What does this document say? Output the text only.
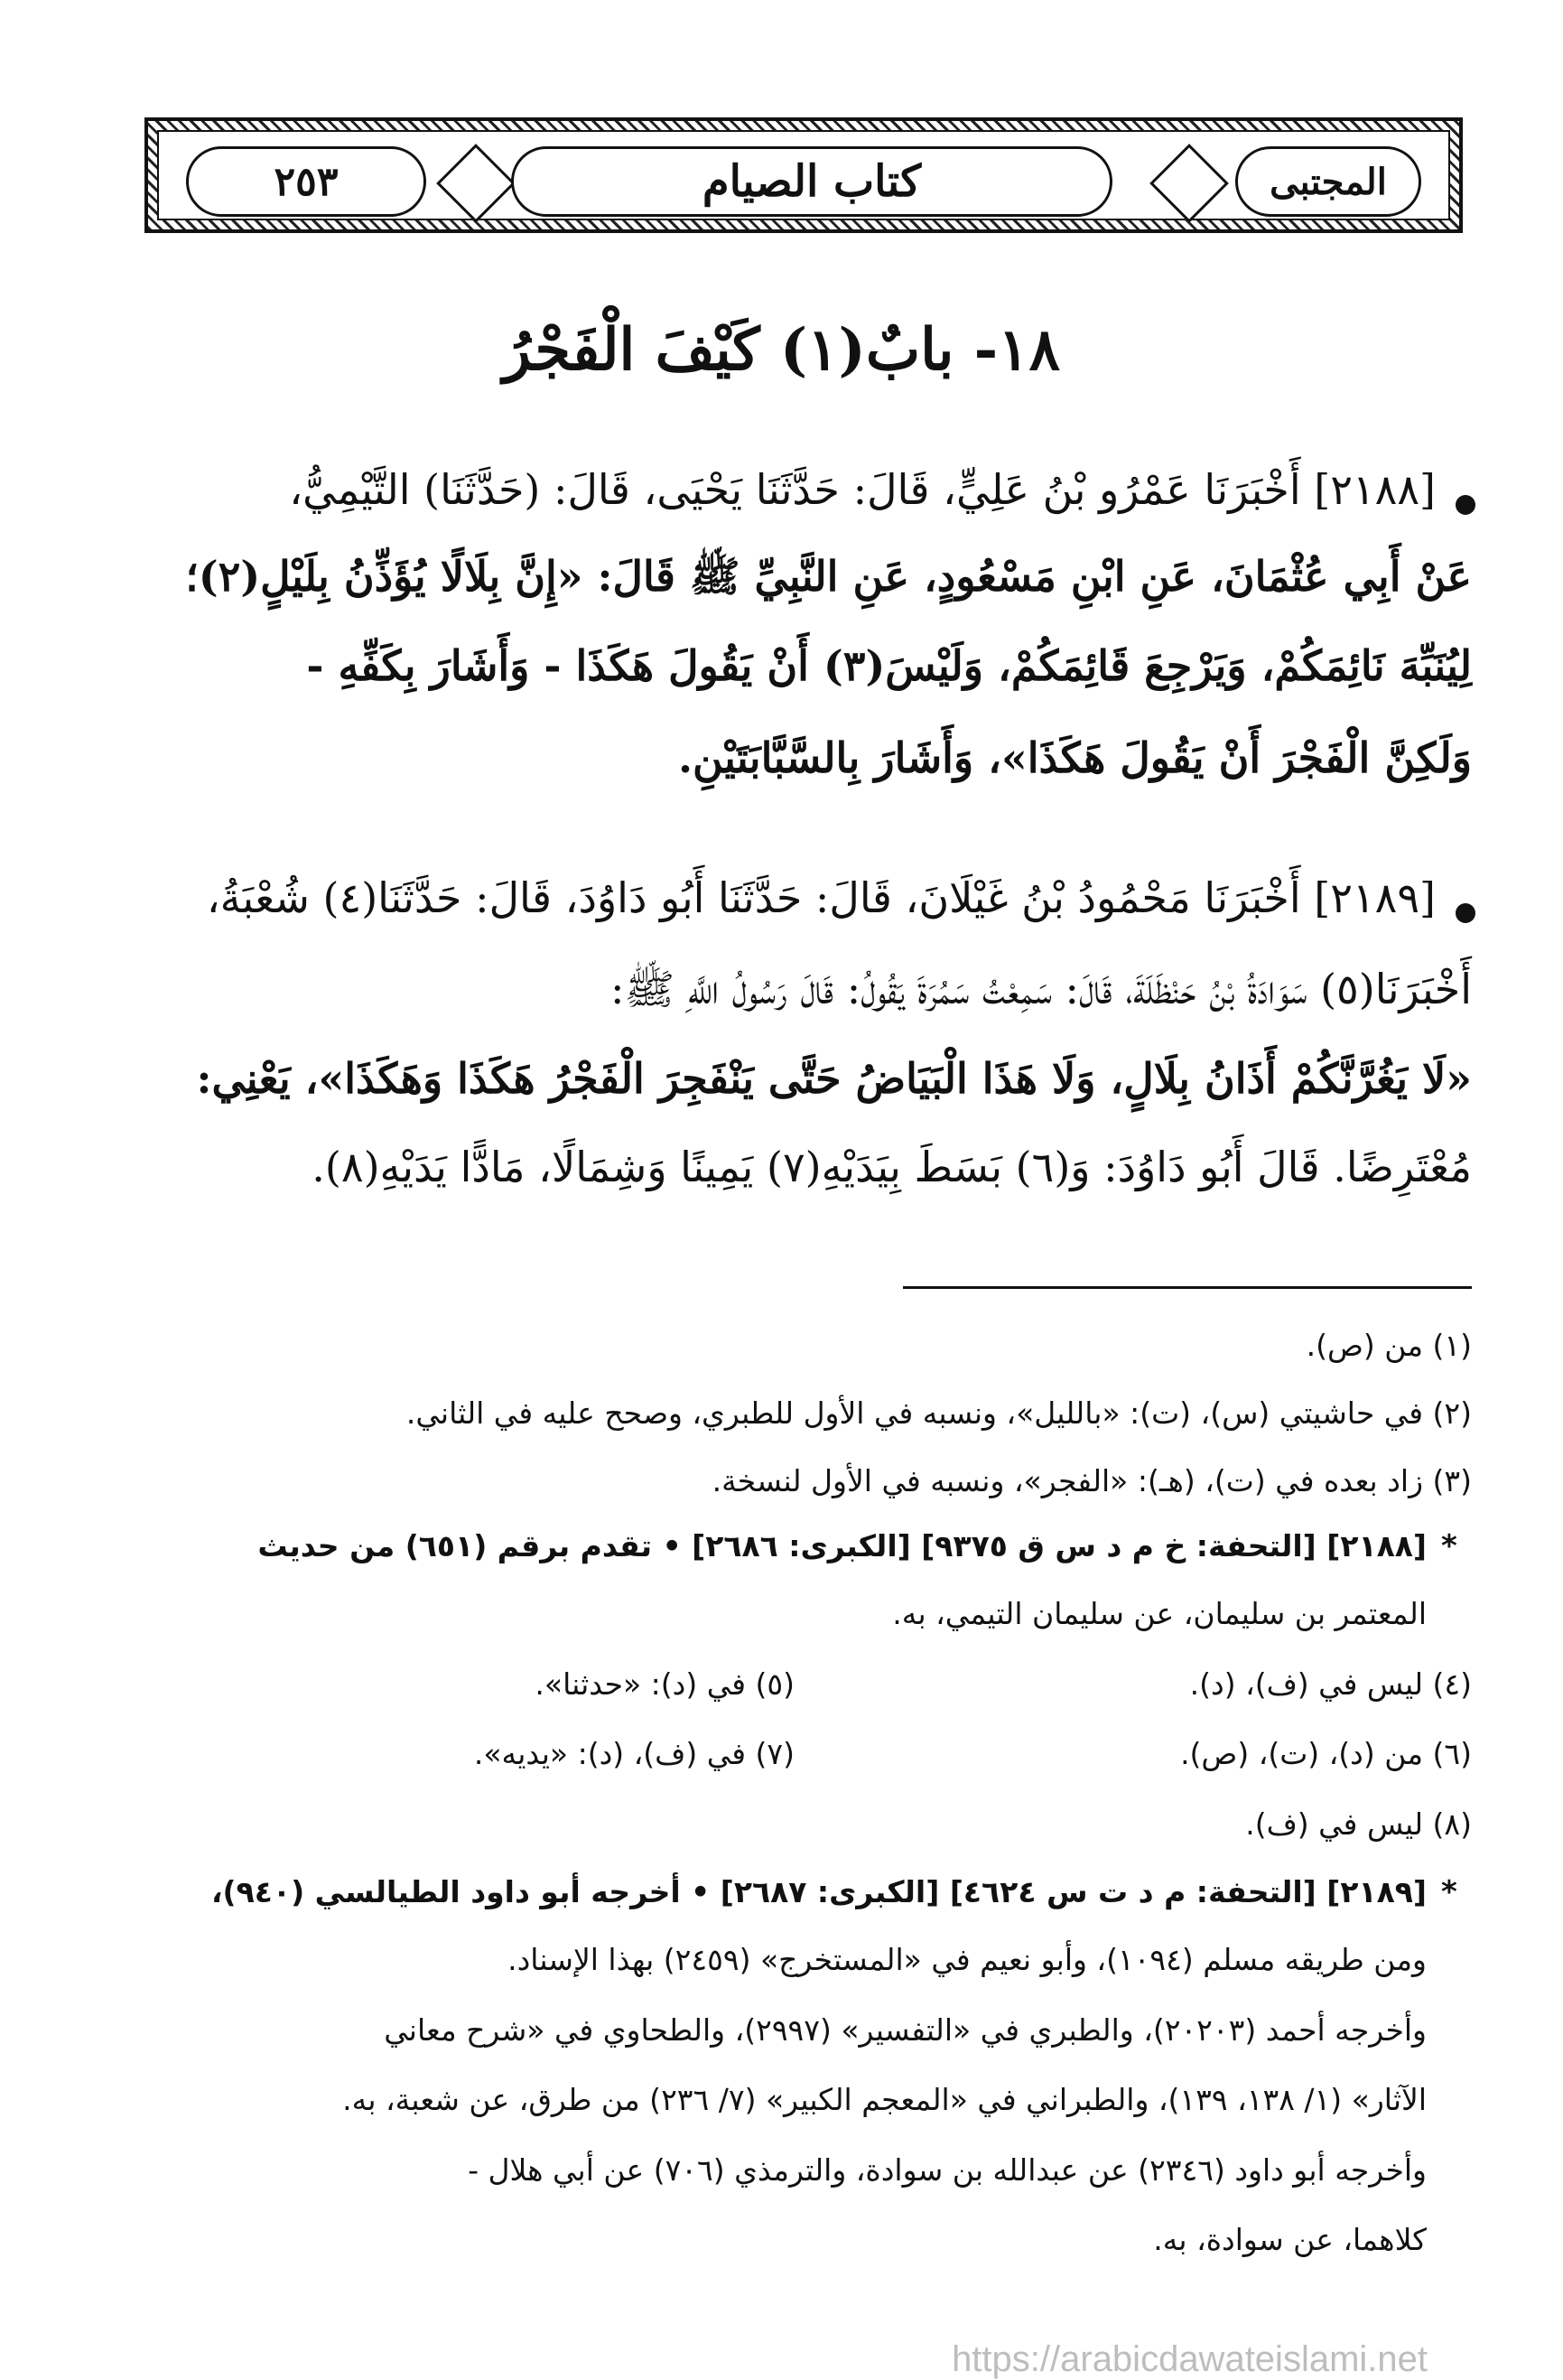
٢٥٣	كتاب الصيام	المجتبى
١٨- بابٌ(١) كَيْفَ الْفَجْرُ
[٢١٨٨] أَخْبَرَنَا عَمْرُو بْنُ عَلِيٍّ، قَالَ: حَدَّثَنَا يَحْيَى، قَالَ: (حَدَّثَنَا) التَّيْمِيُّ،
عَنْ أَبِي عُثْمَانَ، عَنِ ابْنِ مَسْعُودٍ، عَنِ النَّبِيِّ ﷺ قَالَ: «إِنَّ بِلَالًا يُؤَذِّنُ بِلَيْلٍ(٢)؛
لِيُنَبِّهَ نَائِمَكُمْ، وَيَرْجِعَ قَائِمَكُمْ، وَلَيْسَ(٣) أَنْ يَقُولَ هَكَذَا - وَأَشَارَ بِكَفِّهِ -
وَلَكِنَّ الْفَجْرَ أَنْ يَقُولَ هَكَذَا»، وَأَشَارَ بِالسَّبَّابَتَيْنِ.
[٢١٨٩] أَخْبَرَنَا مَحْمُودُ بْنُ غَيْلَانَ، قَالَ: حَدَّثَنَا أَبُو دَاوُدَ، قَالَ: حَدَّثَنَا(٤) شُعْبَةُ،
أَخْبَرَنَا(٥) سَوَادَةُ بْنُ حَنْظَلَةَ، قَالَ: سَمِعْتُ سَمُرَةَ يَقُولُ: قَالَ رَسُولُ اللَّهِ ﷺ:
«لَا يَغُرَّنَّكُمْ أَذَانُ بِلَالٍ، وَلَا هَذَا الْبَيَاضُ حَتَّى يَنْفَجِرَ الْفَجْرُ هَكَذَا وَهَكَذَا»، يَعْنِي:
مُعْتَرِضًا. قَالَ أَبُو دَاوُدَ: وَ(٦) بَسَطَ بِيَدَيْهِ(٧) يَمِينًا وَشِمَالًا، مَادًّا يَدَيْهِ(٨).
(١) من (ص).
(٢) في حاشيتي (س)، (ت): «بالليل»، ونسبه في الأول للطبري، وصحح عليه في الثاني.
(٣) زاد بعده في (ت)، (هـ): «الفجر»، ونسبه في الأول لنسخة.
*
[٢١٨٨] [التحفة: خ م د س ق ٩٣٧٥] [الكبرى: ٢٦٨٦] • تقدم برقم (٦٥١) من حديث
المعتمر بن سليمان، عن سليمان التيمي، به.
(٤) ليس في (ف)، (د).
(٥) في (د): «حدثنا».
(٦) من (د)، (ت)، (ص).
(٧) في (ف)، (د): «يديه».
(٨) ليس في (ف).
*
[٢١٨٩] [التحفة: م د ت س ٤٦٢٤] [الكبرى: ٢٦٨٧] • أخرجه أبو داود الطيالسي (٩٤٠)،
ومن طريقه مسلم (١٠٩٤)، وأبو نعيم في «المستخرج» (٢٤٥٩) بهذا الإسناد.
وأخرجه أحمد (٢٠٢٠٣)، والطبري في «التفسير» (٢٩٩٧)، والطحاوي في «شرح معاني
الآثار» (١/ ١٣٨، ١٣٩)، والطبراني في «المعجم الكبير» (٧/ ٢٣٦) من طرق، عن شعبة، به.
وأخرجه أبو داود (٢٣٤٦) عن عبدالله بن سوادة، والترمذي (٧٠٦) عن أبي هلال -
كلاهما، عن سوادة، به.
https://arabicdawateislami.net
